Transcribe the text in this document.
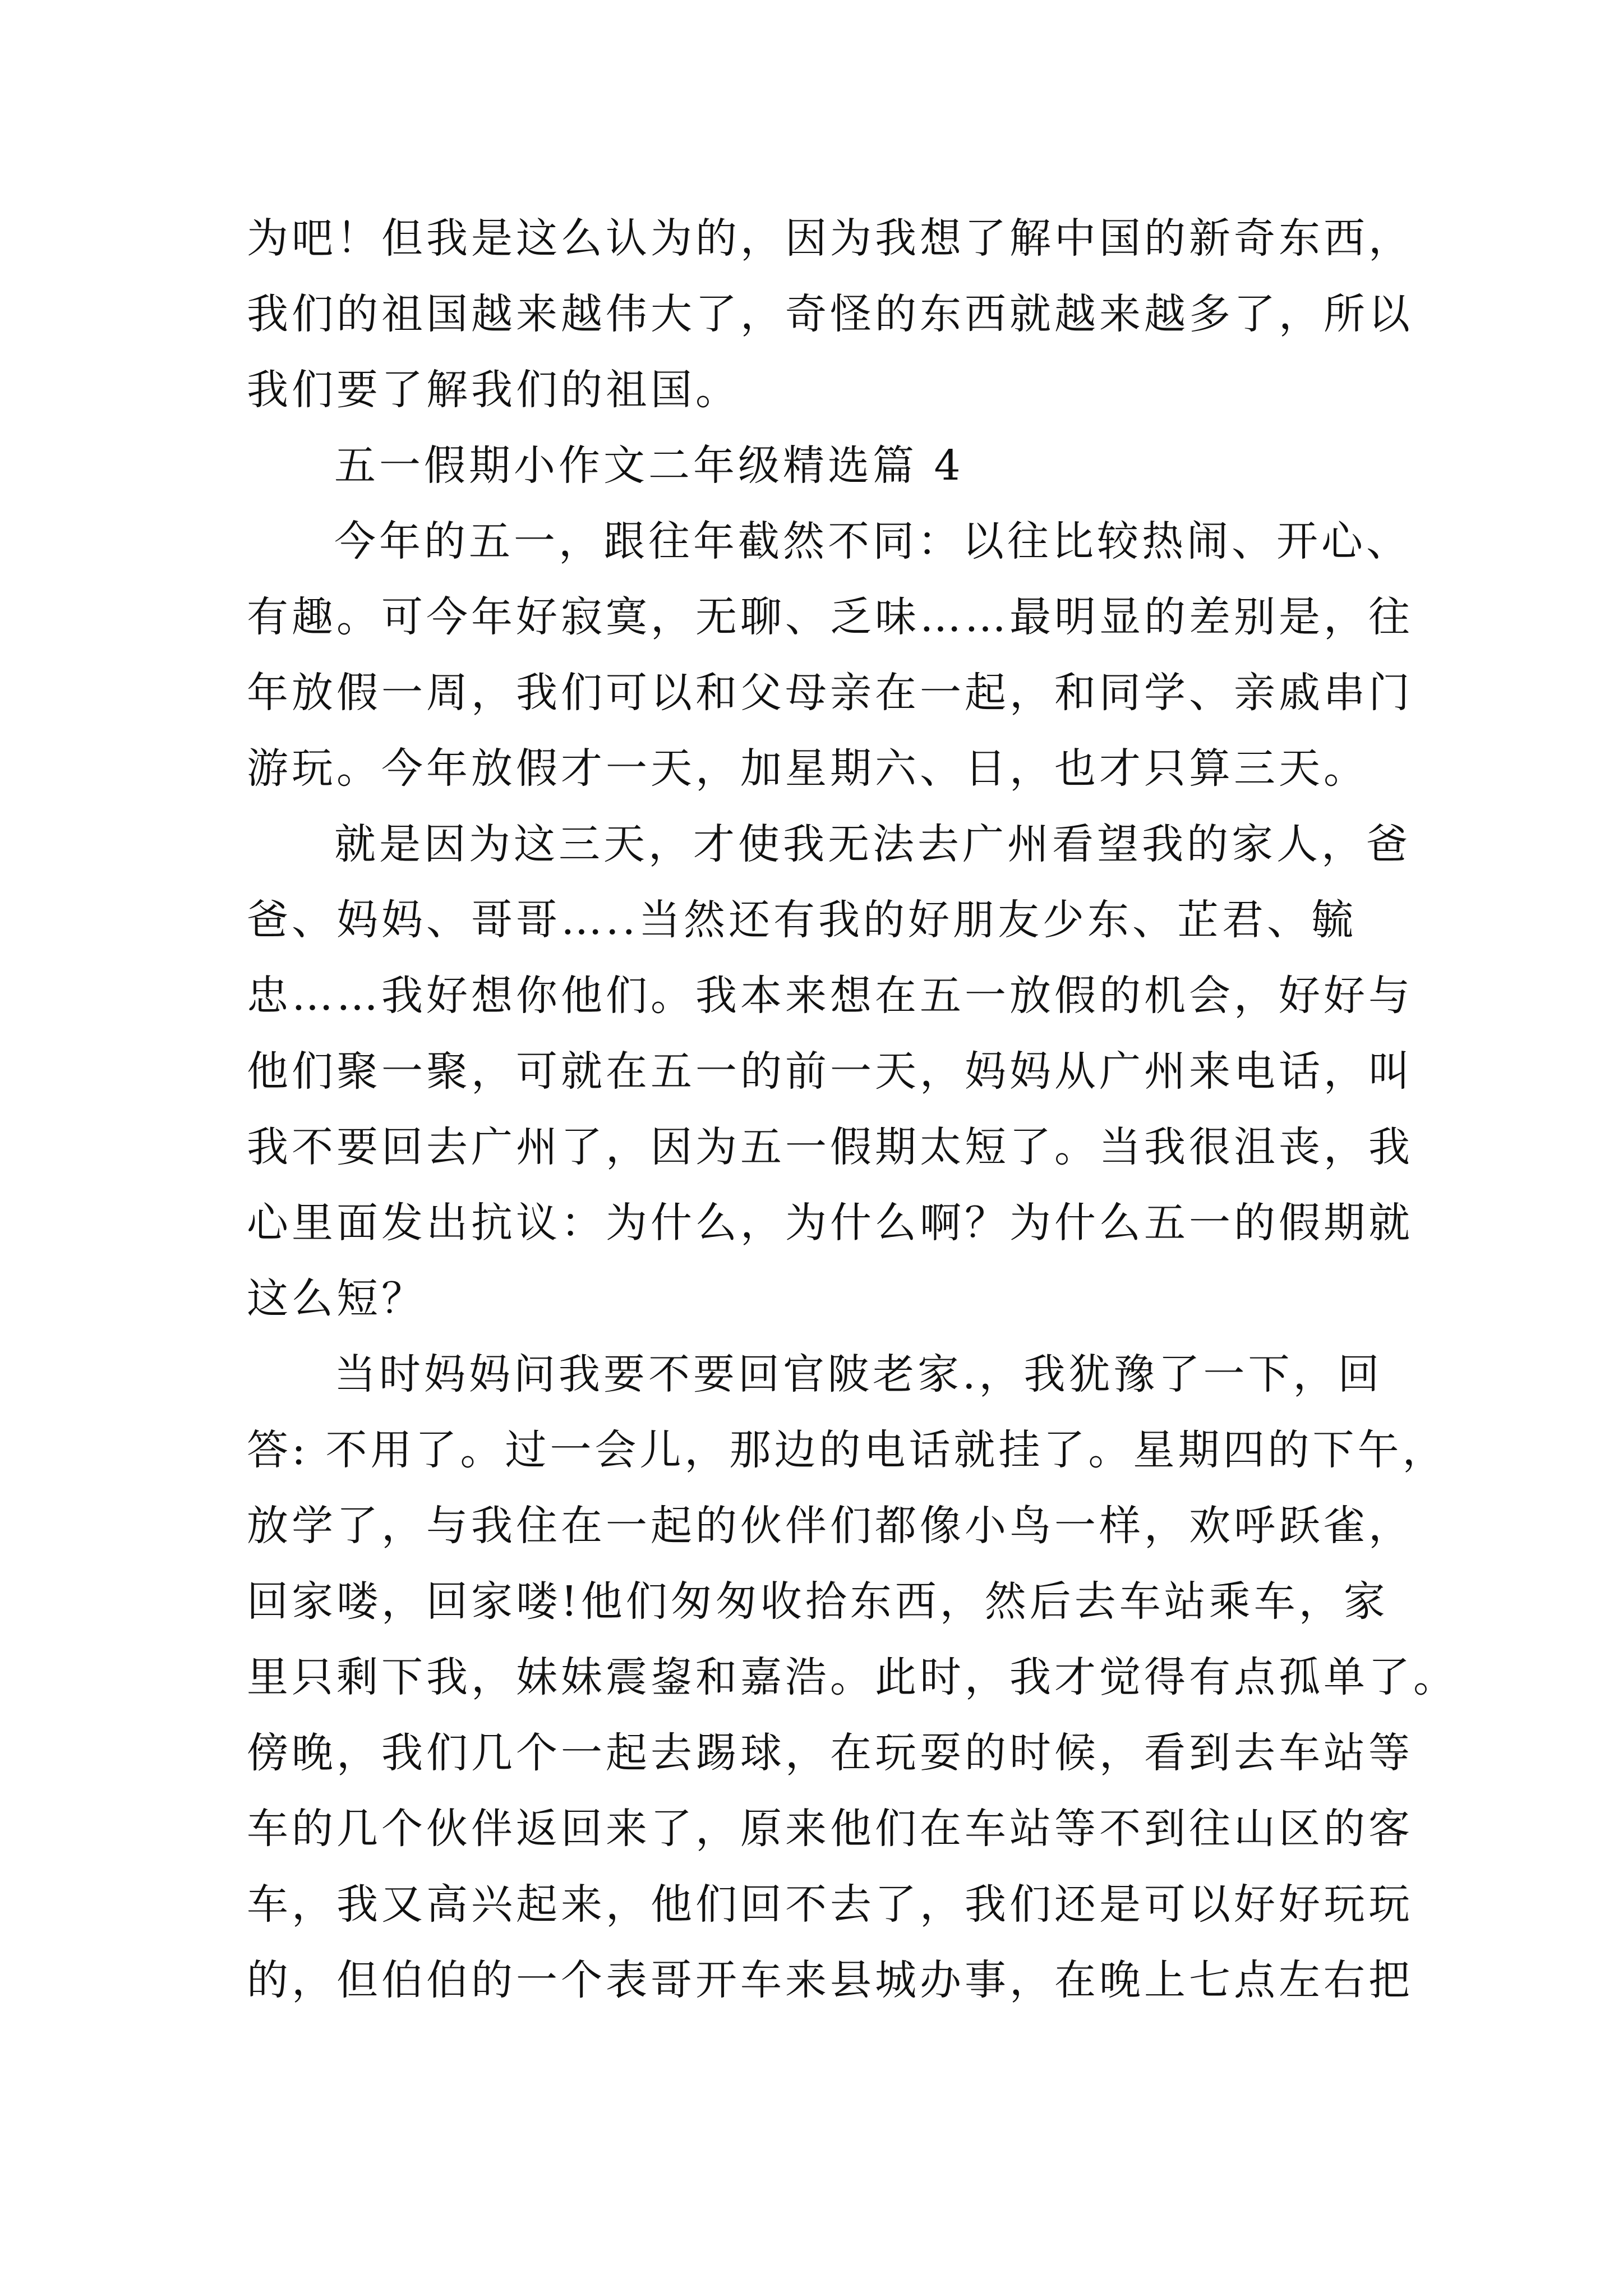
为吧！但我是这么认为的，因为我想了解中国的新奇东西，
我们的祖国越来越伟大了，奇怪的东西就越来越多了，所以
我们要了解我们的祖国。
五一假期小作文二年级精选篇 4
今年的五一，跟往年截然不同：以往比较热闹、开心、
有趣。可今年好寂寞，无聊、乏味……最明显的差别是，往
年放假一周，我们可以和父母亲在一起，和同学、亲戚串门
游玩。今年放假才一天，加星期六、日，也才只算三天。
就是因为这三天，才使我无法去广州看望我的家人，爸
爸、妈妈、哥哥…..当然还有我的好朋友少东、芷君、毓
忠……我好想你他们。我本来想在五一放假的机会，好好与
他们聚一聚，可就在五一的前一天，妈妈从广州来电话，叫
我不要回去广州了，因为五一假期太短了。当我很沮丧，我
心里面发出抗议：为什么，为什么啊？为什么五一的假期就
这么短？
当时妈妈问我要不要回官陂老家.，我犹豫了一下，回
答: 不用了。过一会儿，那边的电话就挂了。星期四的下午，
放学了，与我住在一起的伙伴们都像小鸟一样，欢呼跃雀，
回家喽，回家喽!他们匆匆收拾东西，然后去车站乘车，家
里只剩下我，妹妹震鋆和嘉浩。此时，我才觉得有点孤单了。
傍晚，我们几个一起去踢球，在玩耍的时候，看到去车站等
车的几个伙伴返回来了，原来他们在车站等不到往山区的客
车，我又高兴起来，他们回不去了，我们还是可以好好玩玩
的，但伯伯的一个表哥开车来县城办事，在晚上七点左右把
